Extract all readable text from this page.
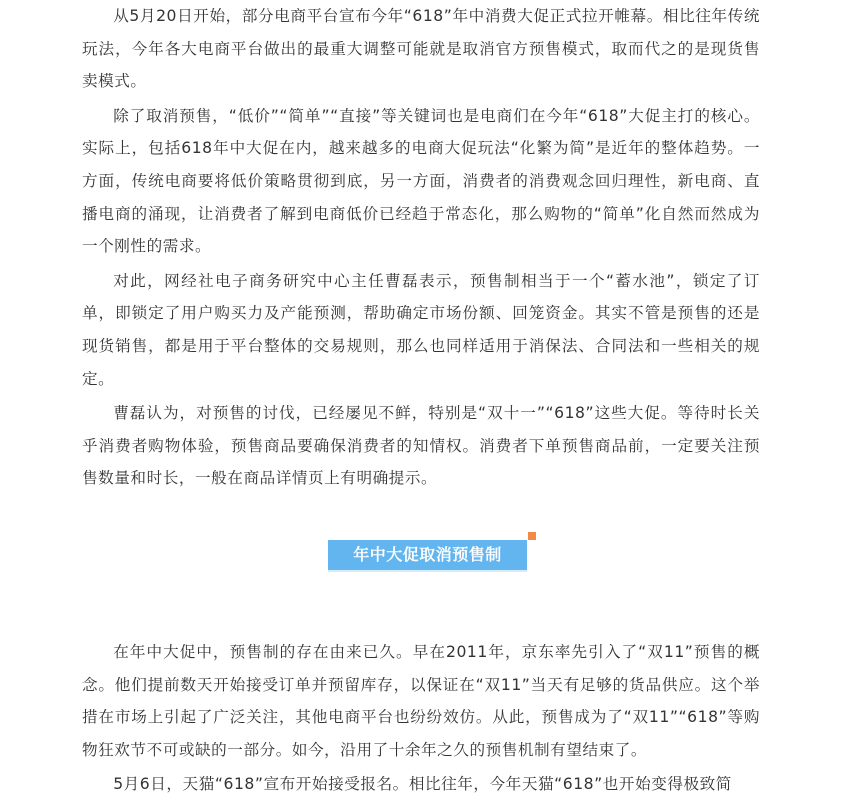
从5月20日开始，部分电商平台宣布今年“618”年中消费大促正式拉开帷幕。相比往年传统玩法，今年各大电商平台做出的最重大调整可能就是取消官方预售模式，取而代之的是现货售卖模式。

除了取消预售，“低价”“简单”“直接”等关键词也是电商们在今年“618”大促主打的核心。实际上，包括618年中大促在内，越来越多的电商大促玩法“化繁为简”是近年的整体趋势。一方面，传统电商要将低价策略贯彻到底，另一方面，消费者的消费观念回归理性，新电商、直播电商的涌现，让消费者了解到电商低价已经趋于常态化，那么购物的“简单”化自然而然成为一个刚性的需求。

对此，网经社电子商务研究中心主任曹磊表示，预售制相当于一个“蓄水池”，锁定了订单，即锁定了用户购买力及产能预测，帮助确定市场份额、回笼资金。其实不管是预售的还是现货销售，都是用于平台整体的交易规则，那么也同样适用于消保法、合同法和一些相关的规定。

曹磊认为，对预售的讨伐，已经屡见不鲜，特别是“双十一”“618”这些大促。等待时长关乎消费者购物体验，预售商品要确保消费者的知情权。消费者下单预售商品前，一定要关注预售数量和时长，一般在商品详情页上有明确提示。

年中大促取消预售制

在年中大促中，预售制的存在由来已久。早在2011年，京东率先引入了“双11”预售的概念。他们提前数天开始接受订单并预留库存，以保证在“双11”当天有足够的货品供应。这个举措在市场上引起了广泛关注，其他电商平台也纷纷效仿。从此，预售成为了“双11”“618”等购物狂欢节不可或缺的一部分。如今，沿用了十余年之久的预售机制有望结束了。

5月6日，天猫“618”宣布开始接受报名。相比往年，今年天猫“618”也开始变得极致简
